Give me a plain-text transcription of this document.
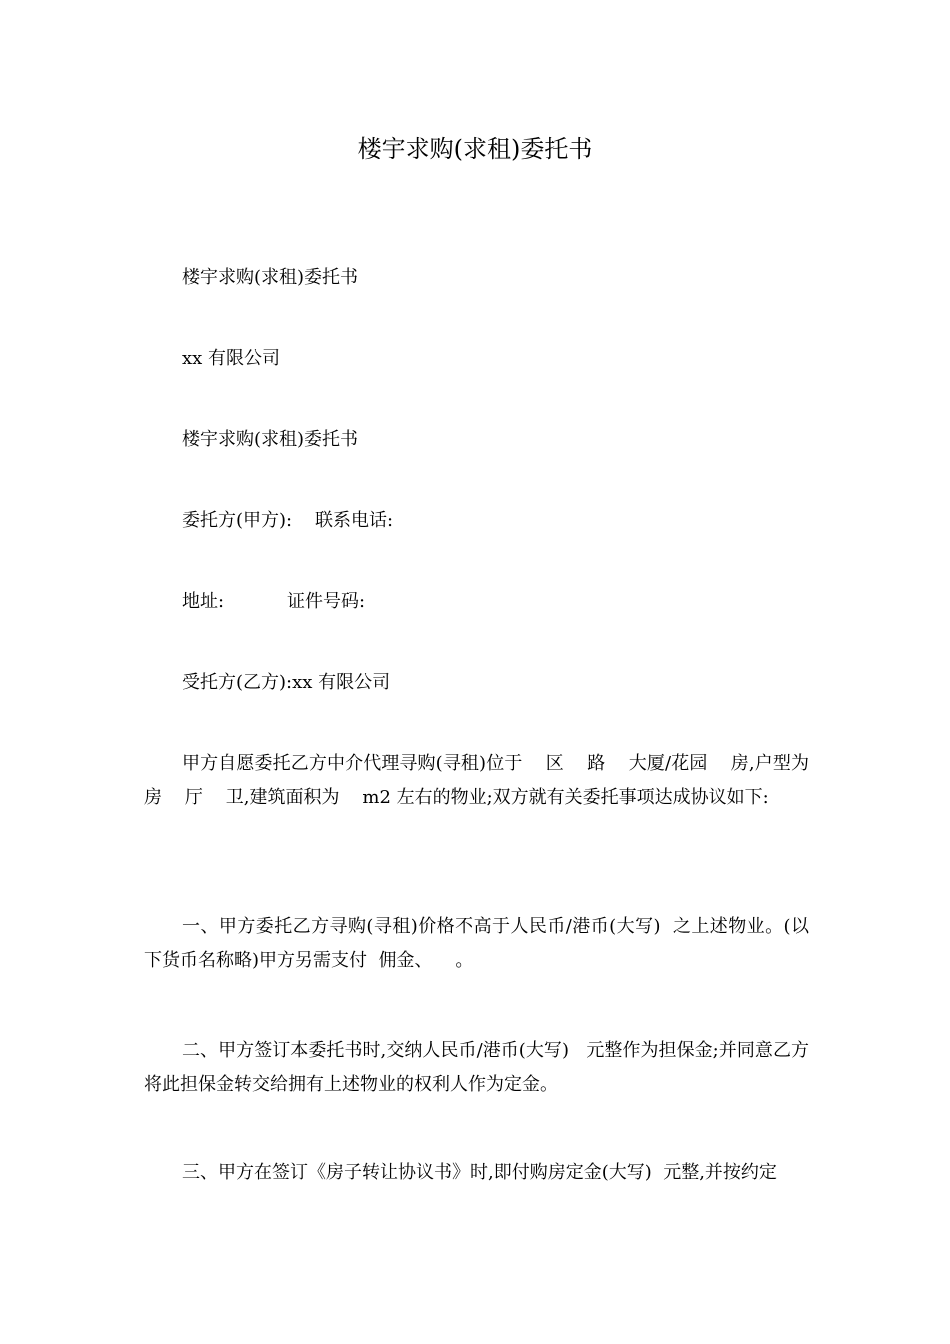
楼宇求购(求租)委托书

楼宇求购(求租)委托书

xx 有限公司

楼宇求购(求租)委托书

委托方(甲方):    联系电话:

地址:           证件号码:

受托方(乙方):xx 有限公司

甲方自愿委托乙方中介代理寻购(寻租)位于    区    路    大厦/花园    房,户型为    房    厅    卫,建筑面积为    m2 左右的物业;双方就有关委托事项达成协议如下:

一、甲方委托乙方寻购(寻租)价格不高于人民币/港币(大写)  之上述物业。(以下货币名称略)甲方另需支付  佣金、    。

二、甲方签订本委托书时,交纳人民币/港币(大写)   元整作为担保金;并同意乙方将此担保金转交给拥有上述物业的权利人作为定金。

三、甲方在签订《房子转让协议书》时,即付购房定金(大写)  元整,并按约定
